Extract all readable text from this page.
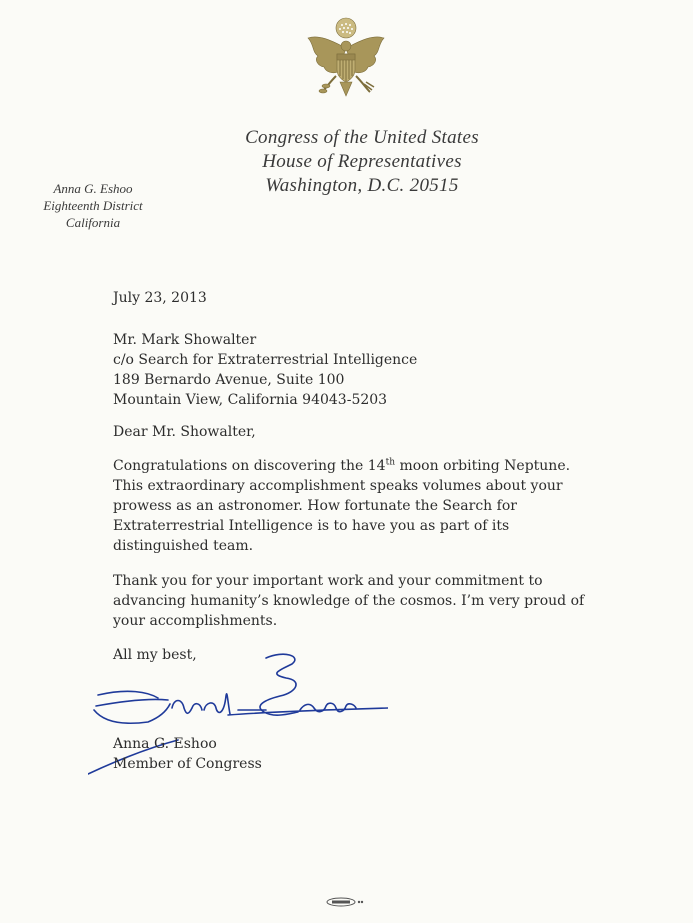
Congress of the United States
House of Representatives
Washington, D.C. 20515
Anna G. Eshoo
Eighteenth District
California
July 23, 2013
Mr. Mark Showalter
c/o Search for Extraterrestrial Intelligence
189 Bernardo Avenue, Suite 100
Mountain View, California 94043-5203
Dear Mr. Showalter,
Congratulations on discovering the 14th moon orbiting Neptune.
This extraordinary accomplishment speaks volumes about your
prowess as an astronomer. How fortunate the Search for
Extraterrestrial Intelligence is to have you as part of its
distinguished team.
Thank you for your important work and your commitment to
advancing humanity’s knowledge of the cosmos. I’m very proud of
your accomplishments.
All my best,
Anna G. Eshoo
Member of Congress
